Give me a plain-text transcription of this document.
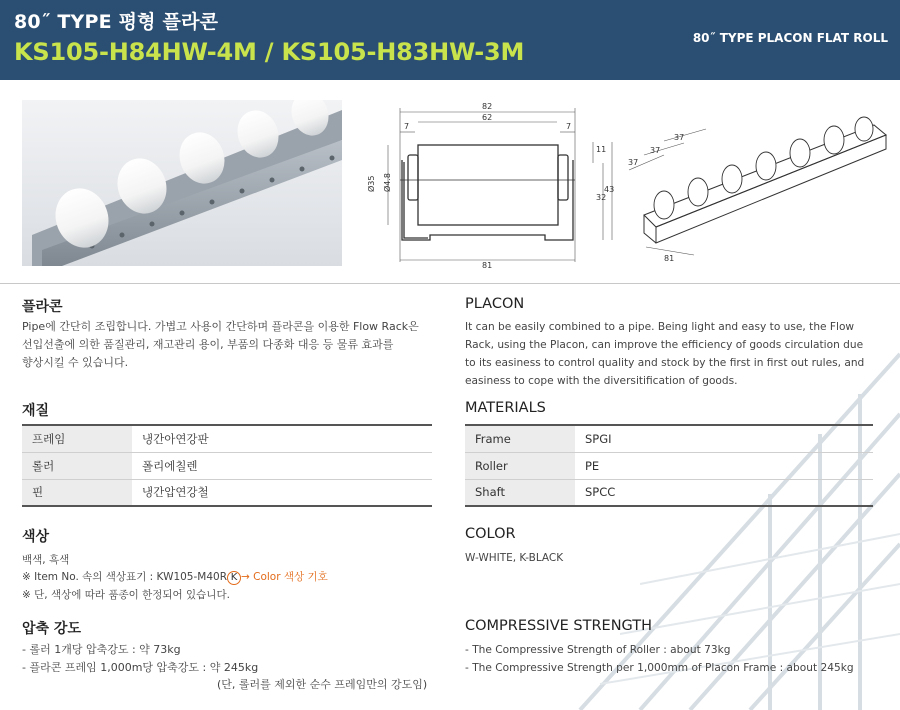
80˝ TYPE 평형 플라콘
KS105-H84HW-4M / KS105-H83HW-3M	80˝ TYPE PLACON FLAT ROLL
82
62
7	7
11
Ø35 Ø4.8
32
43
81
37
37
37
81
플라콘
Pipe에 간단히 조립합니다. 가볍고 사용이 간단하며 플라콘을 이용한 Flow Rack은
선입선출에 의한 품질관리, 재고관리 용이, 부품의 다종화 대응 등 물류 효과를
향상시킬 수 있습니다.
재질
프레임	냉간아연강판
롤러	폴리에칠렌
핀	냉간압연강철
색상
백색, 흑색
※ Item No. 속의 색상표기 : KW105-M40R K → Color 색상 기호
※ 단, 색상에 따라 품종이 한정되어 있습니다.
압축 강도
- 롤러 1개당 압축강도 : 약 73kg
- 플라콘 프레임 1,000m당 압축강도 : 약 245kg
(단, 롤러를 제외한 순수 프레임만의 강도임)
PLACON
It can be easily combined to a pipe. Being light and easy to use, the Flow
Rack, using the Placon, can improve the efficiency of goods circulation due
to its easiness to control quality and stock by the first in first out rules, and
easiness to cope with the diversitification of goods.
MATERIALS
Frame	SPGI
Roller	PE
Shaft	SPCC
COLOR
W-WHITE, K-BLACK
COMPRESSIVE STRENGTH
- The Compressive Strength of Roller : about 73kg
- The Compressive Strength per 1,000mm of Placon Frame : about 245kg
